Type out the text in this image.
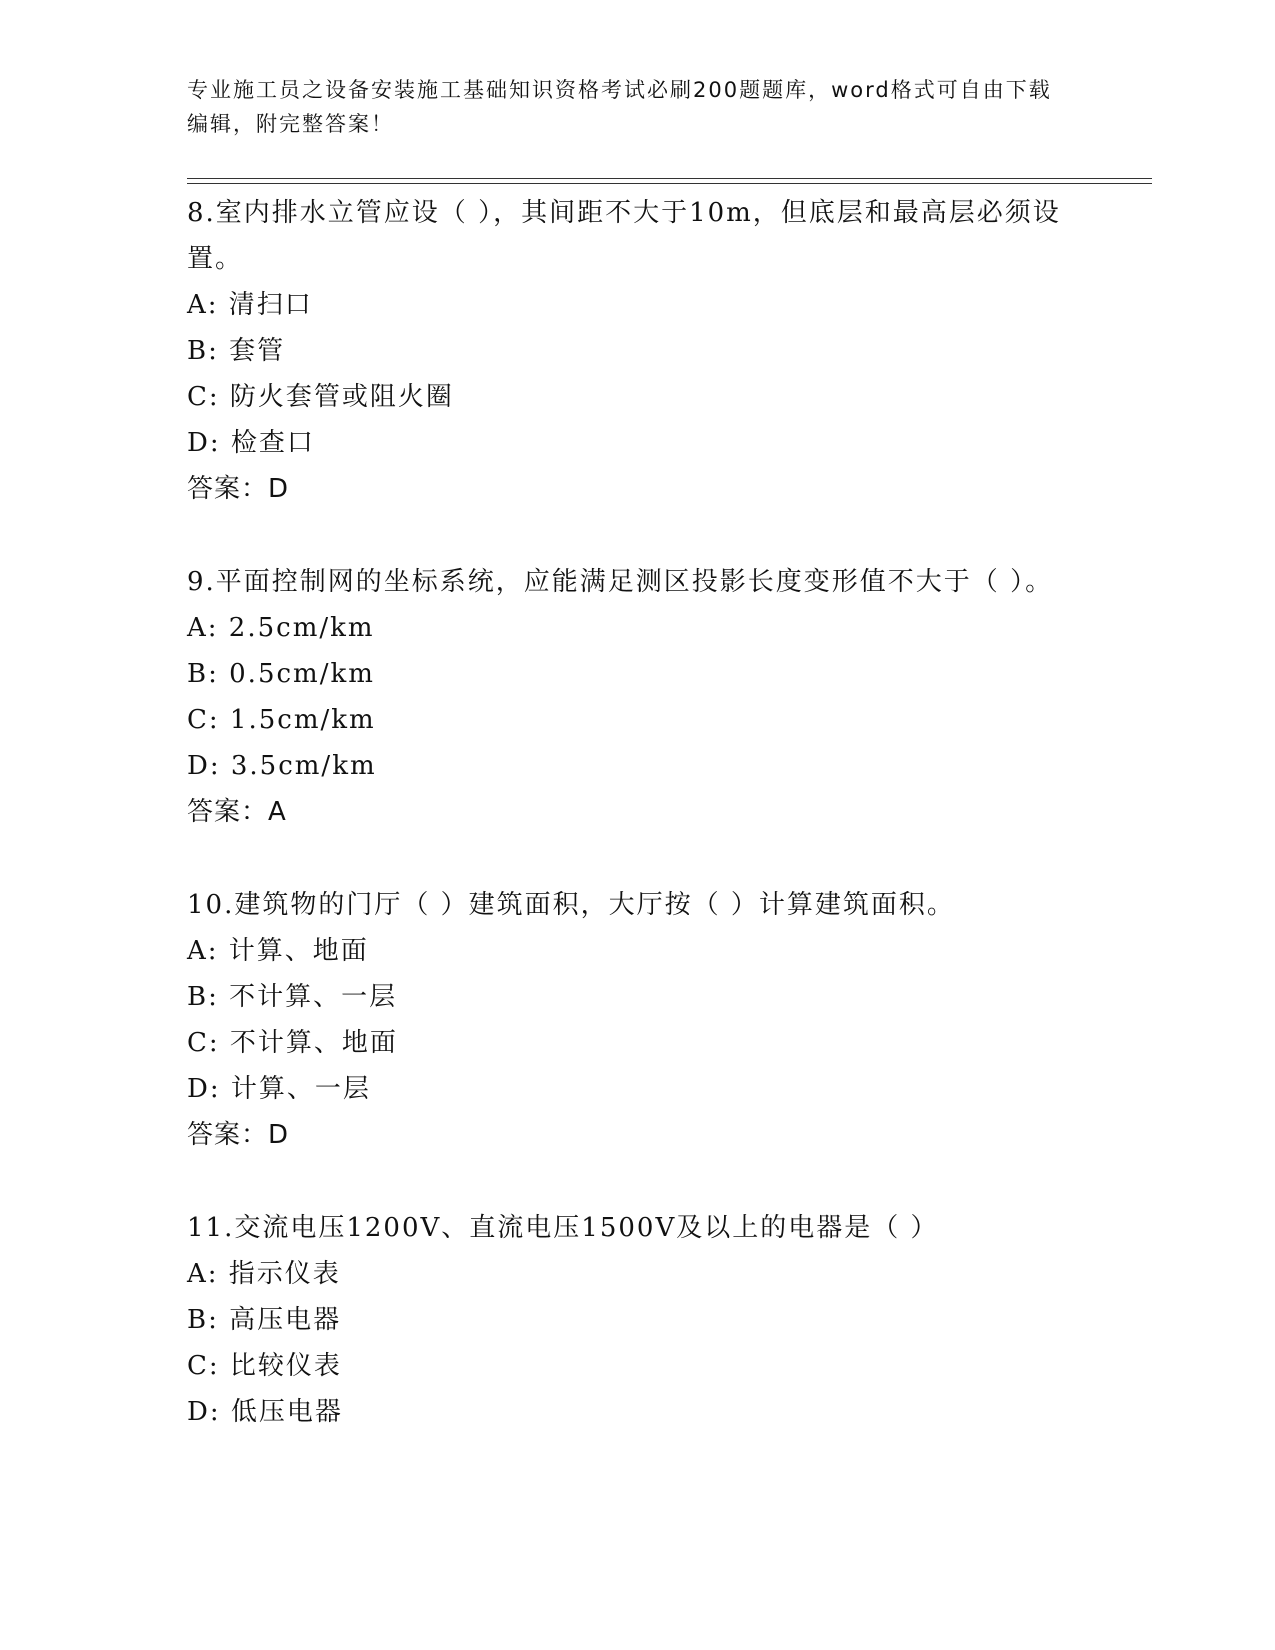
专业施工员之设备安装施工基础知识资格考试必刷200题题库，word格式可自由下载编辑，附完整答案！

8.室内排水立管应设（ ），其间距不大于10m，但底层和最高层必须设置。

A: 清扫口

B: 套管

C: 防火套管或阻火圈

D: 检查口

答案：D

9.平面控制网的坐标系统，应能满足测区投影长度变形值不大于（ ）。

A: 2.5cm/km

B: 0.5cm/km

C: 1.5cm/km

D: 3.5cm/km

答案：A

10.建筑物的门厅（ ）建筑面积，大厅按（ ）计算建筑面积。

A: 计算、地面

B: 不计算、一层

C: 不计算、地面

D: 计算、一层

答案：D

11.交流电压1200V、直流电压1500V及以上的电器是（ ）

A: 指示仪表

B: 高压电器

C: 比较仪表

D: 低压电器
